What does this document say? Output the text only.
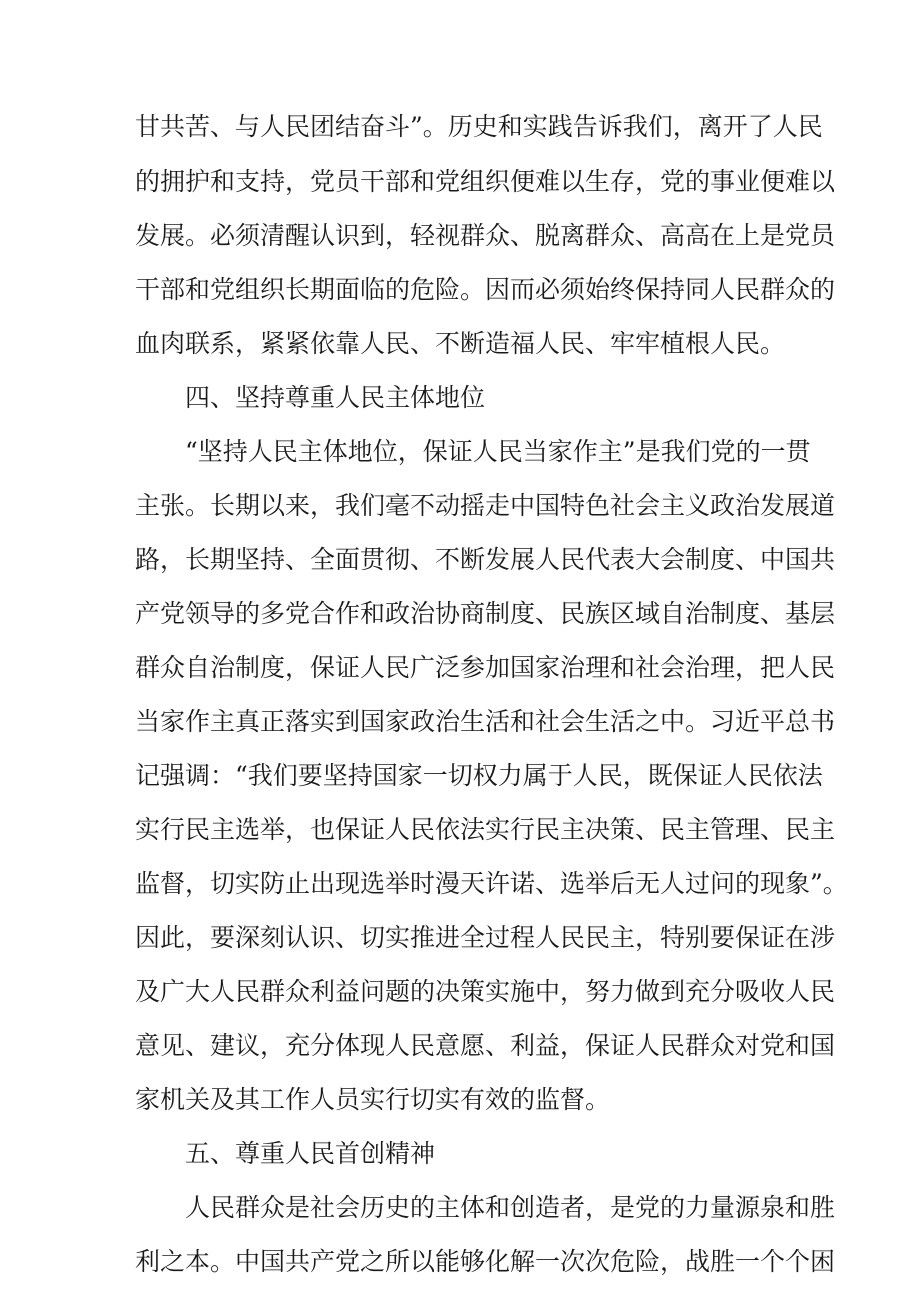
甘共苦、与人民团结奋斗”。历史和实践告诉我们，离开了人民

的拥护和支持，党员干部和党组织便难以生存，党的事业便难以

发展。必须清醒认识到，轻视群众、脱离群众、高高在上是党员

干部和党组织长期面临的危险。因而必须始终保持同人民群众的

血肉联系，紧紧依靠人民、不断造福人民、牢牢植根人民。

四、坚持尊重人民主体地位

“坚持人民主体地位，保证人民当家作主”是我们党的一贯

主张。长期以来，我们毫不动摇走中国特色社会主义政治发展道

路，长期坚持、全面贯彻、不断发展人民代表大会制度、中国共

产党领导的多党合作和政治协商制度、民族区域自治制度、基层

群众自治制度，保证人民广泛参加国家治理和社会治理，把人民

当家作主真正落实到国家政治生活和社会生活之中。习近平总书

记强调：“我们要坚持国家一切权力属于人民，既保证人民依法

实行民主选举，也保证人民依法实行民主决策、民主管理、民主

监督，切实防止出现选举时漫天许诺、选举后无人过问的现象”。

因此，要深刻认识、切实推进全过程人民民主，特别要保证在涉

及广大人民群众利益问题的决策实施中，努力做到充分吸收人民

意见、建议，充分体现人民意愿、利益，保证人民群众对党和国

家机关及其工作人员实行切实有效的监督。

五、尊重人民首创精神

人民群众是社会历史的主体和创造者，是党的力量源泉和胜

利之本。中国共产党之所以能够化解一次次危险，战胜一个个困
